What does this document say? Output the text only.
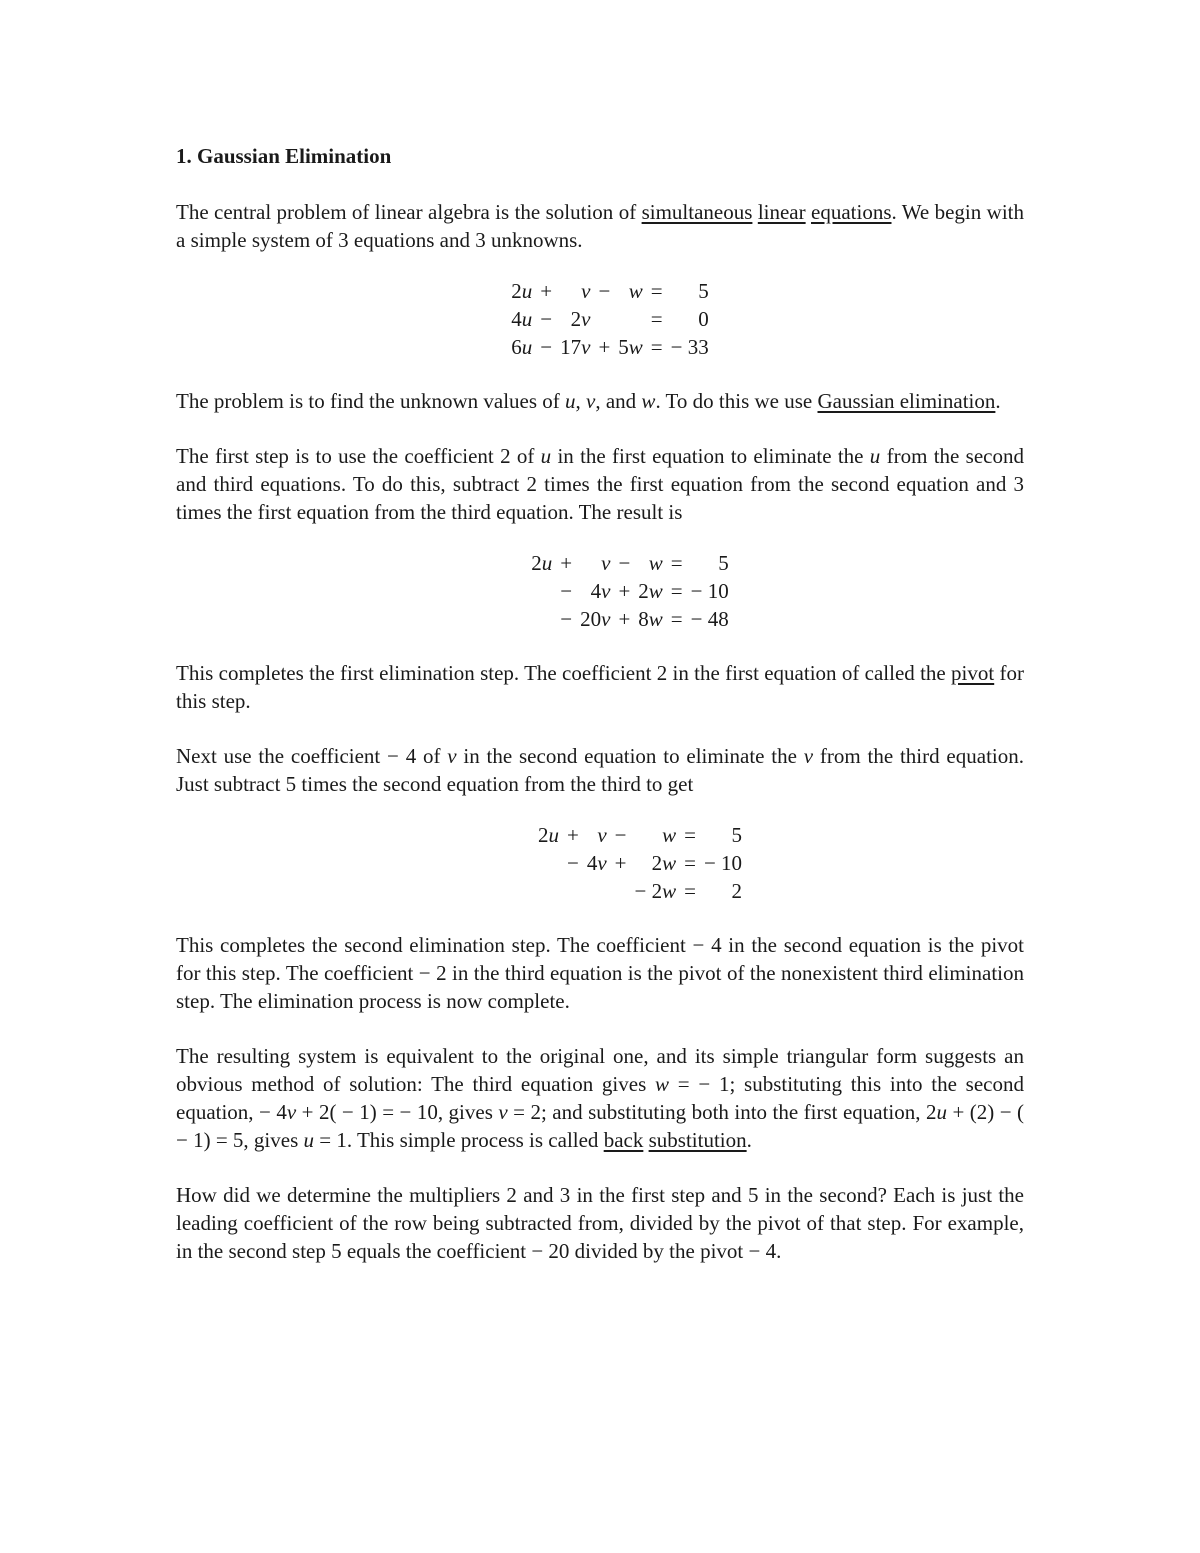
1. Gaussian Elimination

The central problem of linear algebra is the solution of simultaneous linear equations. We begin with a simple system of 3 equations and 3 unknowns.

2u	+	v	−	w	=	5
4u	−	2v			=	0
6u	−	17v	+	5w	=	− 33

The problem is to find the unknown values of u, v, and w. To do this we use Gaussian elimination.

The first step is to use the coefficient 2 of u in the first equation to eliminate the u from the second and third equations. To do this, subtract 2 times the first equation from the second equation and 3 times the first equation from the third equation. The result is

2u	+	v	−	w	=	5
	−	4v	+	2w	=	− 10
	−	20v	+	8w	=	− 48

This completes the first elimination step. The coefficient 2 in the first equation of called the pivot for this step.

Next use the coefficient − 4 of v in the second equation to eliminate the v from the third equation. Just subtract 5 times the second equation from the third to get

2u	+	v	−	w	=	5
	−	4v	+	2w	=	− 10
				− 2w	=	2

This completes the second elimination step. The coefficient − 4 in the second equation is the pivot for this step. The coefficient − 2 in the third equation is the pivot of the nonexistent third elimination step. The elimination process is now complete.

The resulting system is equivalent to the original one, and its simple triangular form suggests an obvious method of solution: The third equation gives w = − 1; substituting this into the second equation, − 4v + 2( − 1) = − 10, gives v = 2; and substituting both into the first equation, 2u + (2) − ( − 1) = 5, gives u = 1. This simple process is called back substitution.

How did we determine the multipliers 2 and 3 in the first step and 5 in the second? Each is just the leading coefficient of the row being subtracted from, divided by the pivot of that step. For example, in the second step 5 equals the coefficient − 20 divided by the pivot − 4.
